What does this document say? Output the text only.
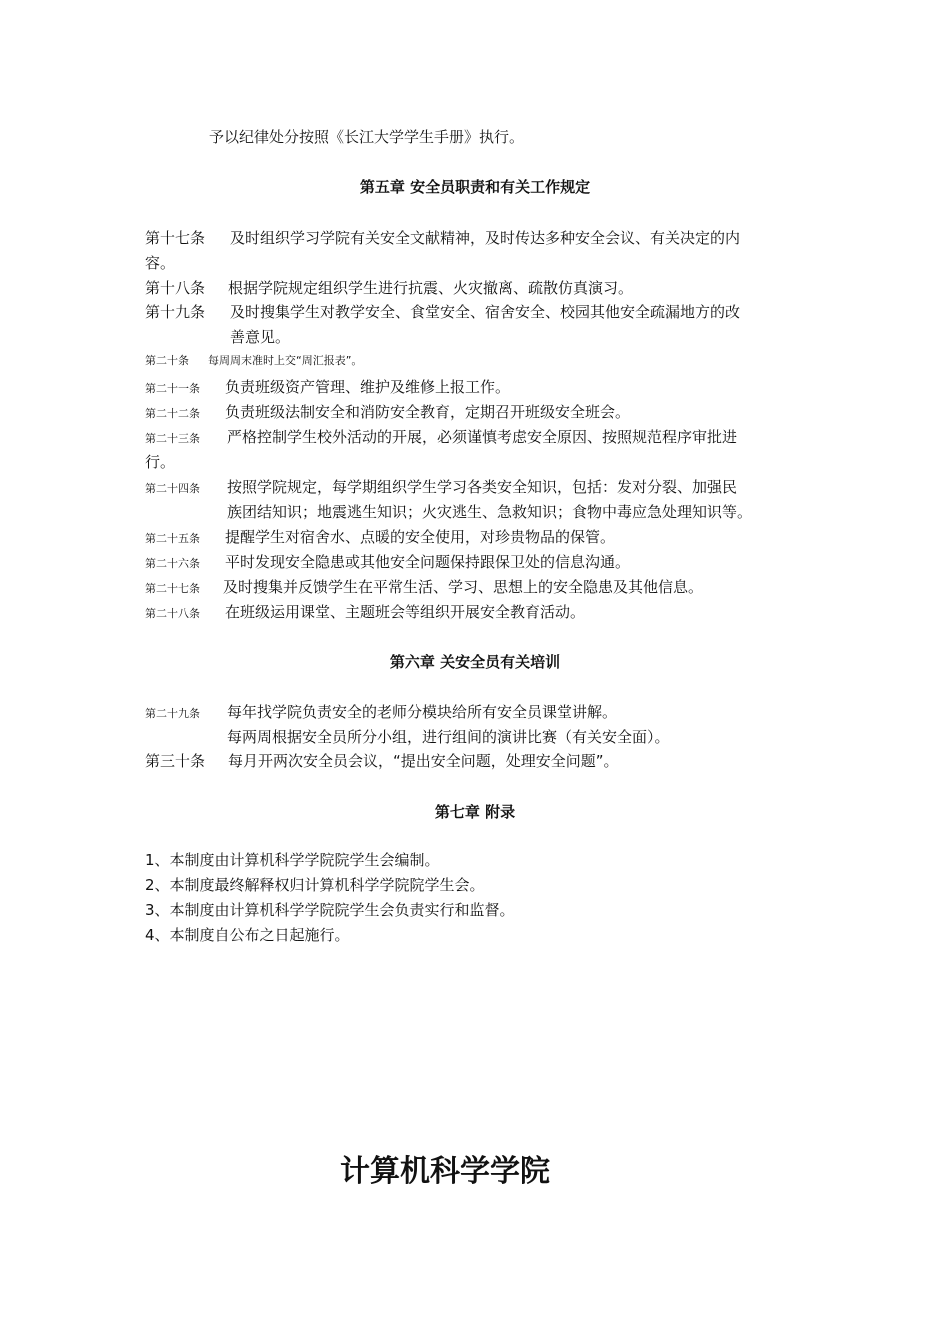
予以纪律处分按照《长江大学学生手册》执行。
第五章 安全员职责和有关工作规定
第十七条 及时组织学习学院有关安全文献精神，及时传达多种安全会议、有关决定的内
容。
第十八条 根据学院规定组织学生进行抗震、火灾撤离、疏散仿真演习。
第十九条 及时搜集学生对教学安全、食堂安全、宿舍安全、校园其他安全疏漏地方的改
善意见。
第二十条 每周周末准时上交“周汇报表”。
第二十一条 负责班级资产管理、维护及维修上报工作。
第二十二条 负责班级法制安全和消防安全教育，定期召开班级安全班会。
第二十三条 严格控制学生校外活动的开展，必须谨慎考虑安全原因、按照规范程序审批进
行。
第二十四条 按照学院规定，每学期组织学生学习各类安全知识，包括：发对分裂、加强民
族团结知识；地震逃生知识；火灾逃生、急救知识；食物中毒应急处理知识等。
第二十五条 提醒学生对宿舍水、点暖的安全使用，对珍贵物品的保管。
第二十六条 平时发现安全隐患或其他安全问题保持跟保卫处的信息沟通。
第二十七条 及时搜集并反馈学生在平常生活、学习、思想上的安全隐患及其他信息。
第二十八条 在班级运用课堂、主题班会等组织开展安全教育活动。
第六章 关安全员有关培训
第二十九条 每年找学院负责安全的老师分模块给所有安全员课堂讲解。
每两周根据安全员所分小组，进行组间的演讲比赛（有关安全面）。
第三十条 每月开两次安全员会议，“提出安全问题，处理安全问题”。
第七章 附录
1、本制度由计算机科学学院院学生会编制。
2、本制度最终解释权归计算机科学学院院学生会。
3、本制度由计算机科学学院院学生会负责实行和监督。
4、本制度自公布之日起施行。
计算机科学学院
